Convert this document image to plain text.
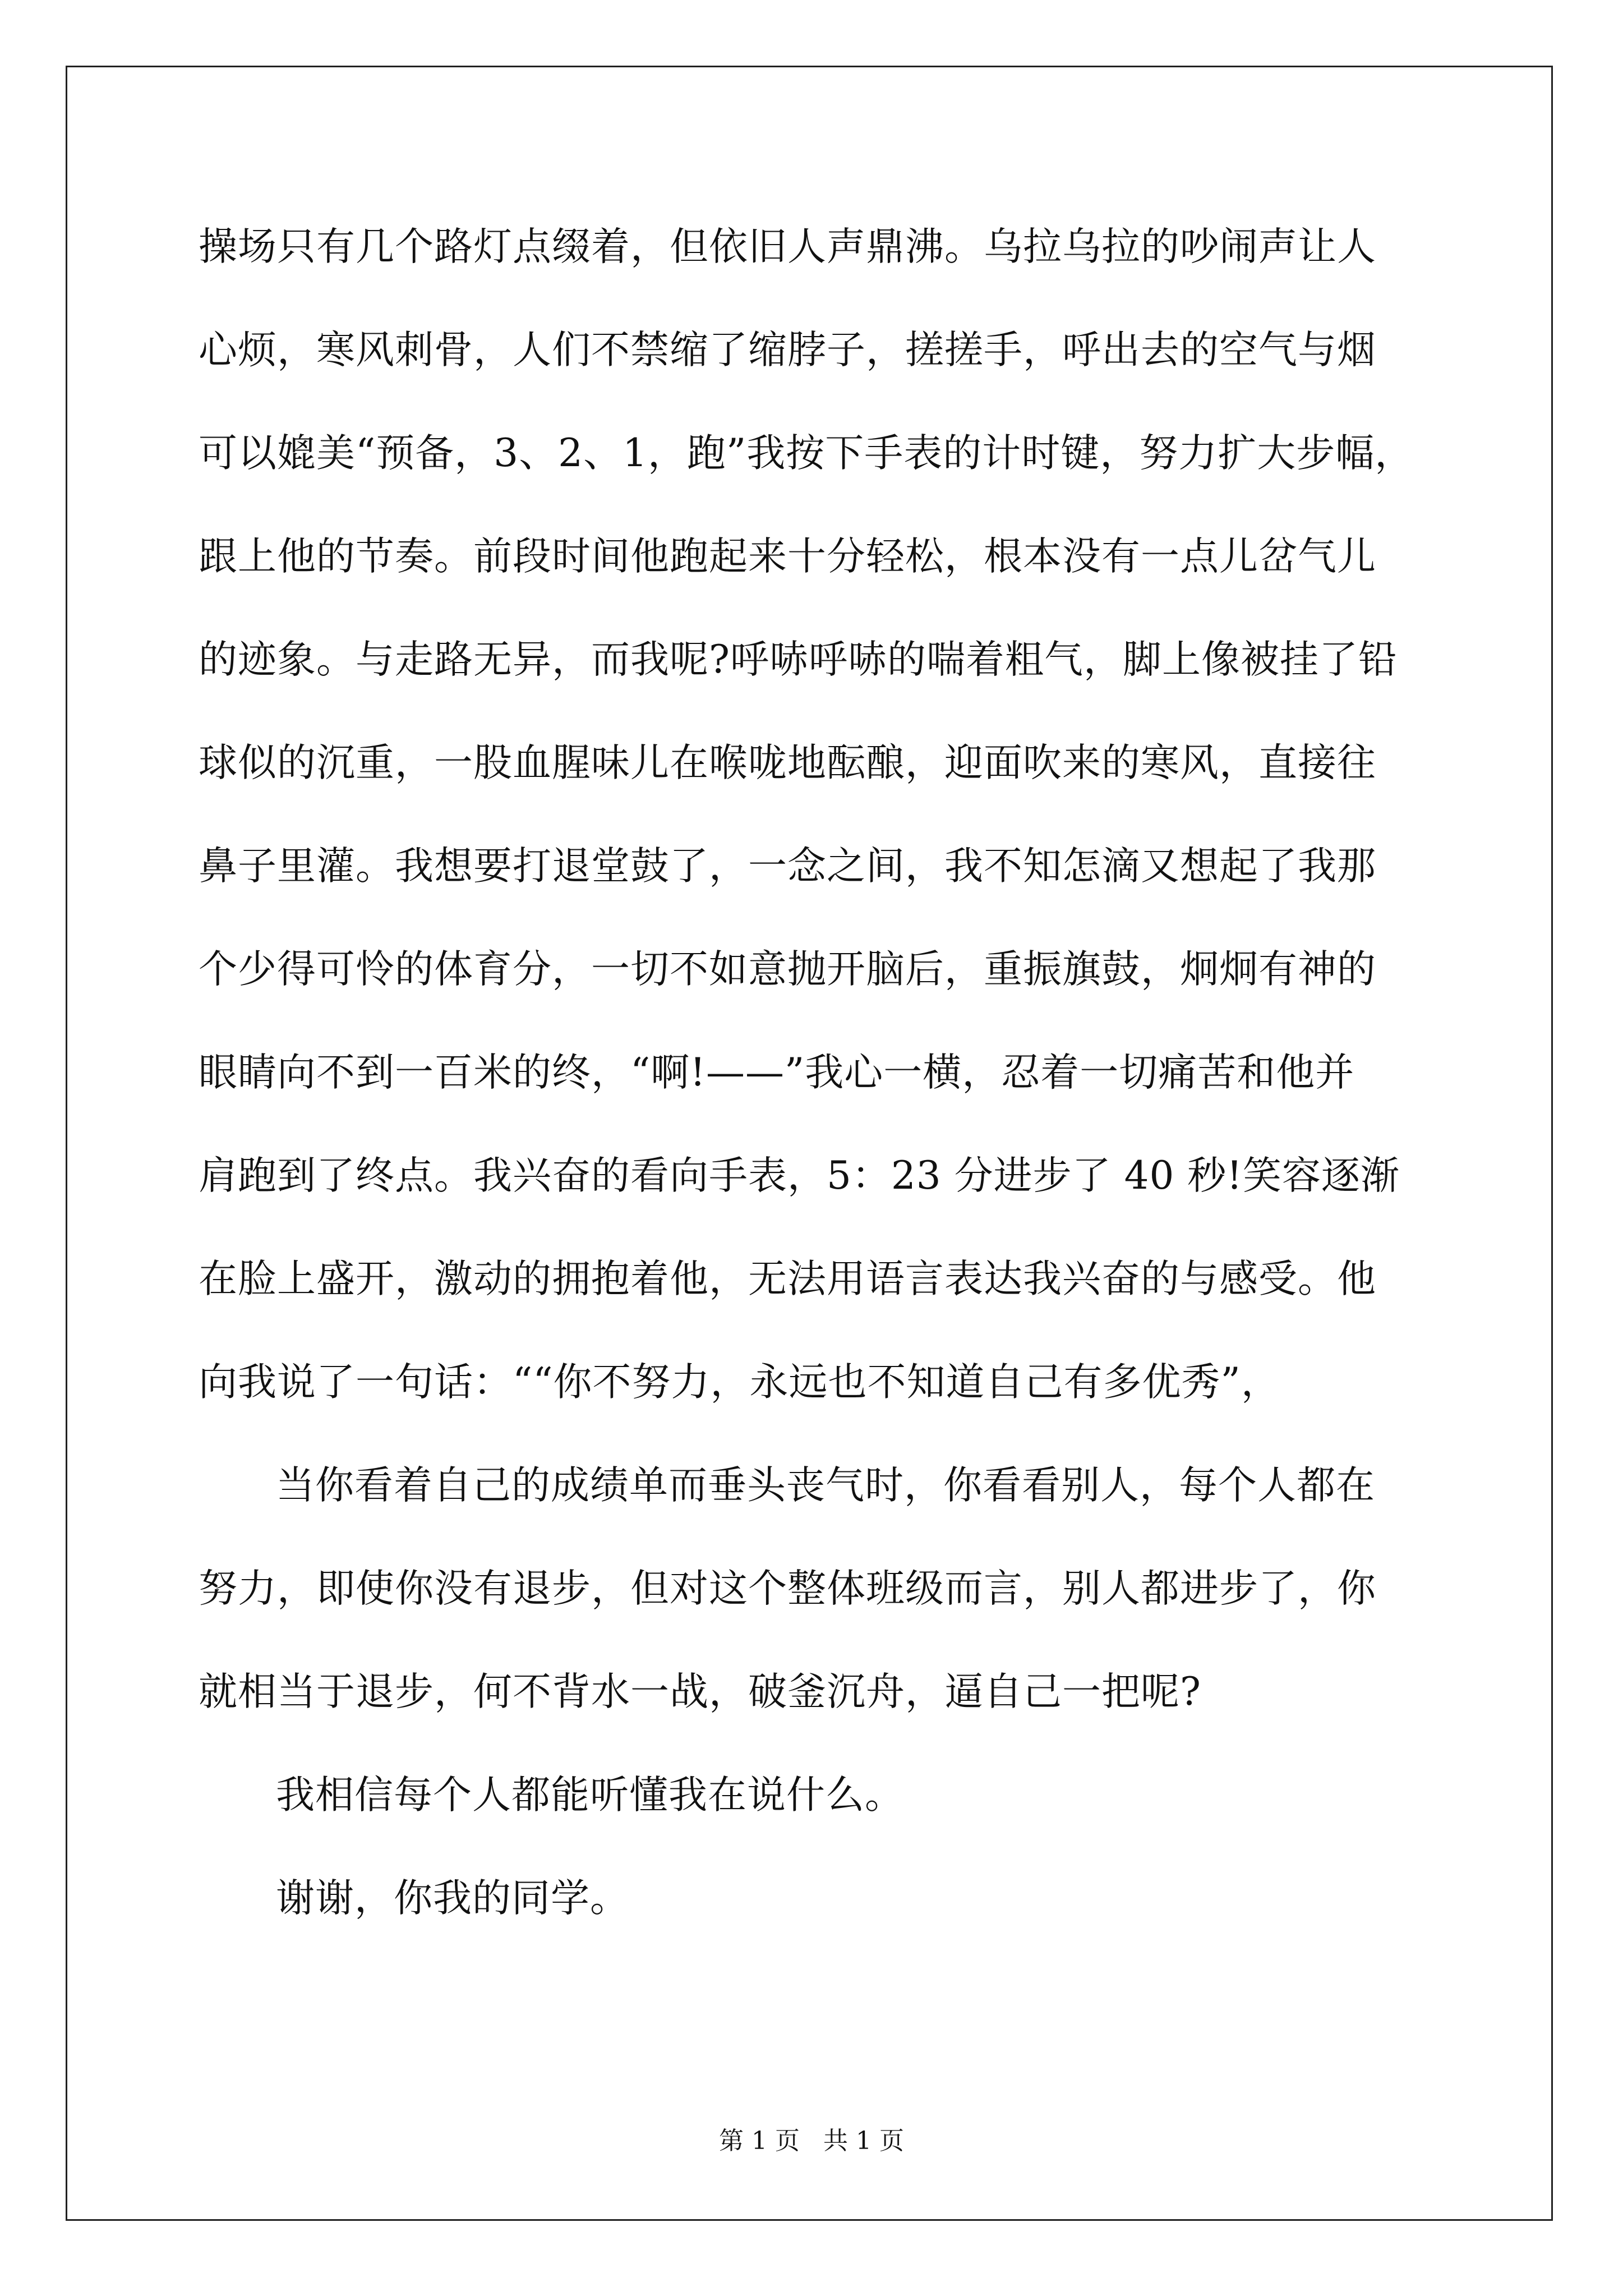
操场只有几个路灯点缀着，但依旧人声鼎沸。乌拉乌拉的吵闹声让人

心烦，寒风刺骨，人们不禁缩了缩脖子，搓搓手，呼出去的空气与烟

可以媲美“预备，3、2、1，跑”我按下手表的计时键，努力扩大步幅，

跟上他的节奏。前段时间他跑起来十分轻松，根本没有一点儿岔气儿

的迹象。与走路无异，而我呢?呼哧呼哧的喘着粗气，脚上像被挂了铅

球似的沉重，一股血腥味儿在喉咙地酝酿，迎面吹来的寒风，直接往

鼻子里灌。我想要打退堂鼓了，一念之间，我不知怎滴又想起了我那

个少得可怜的体育分，一切不如意抛开脑后，重振旗鼓，炯炯有神的

眼睛向不到一百米的终，“啊!——”我心一横，忍着一切痛苦和他并

肩跑到了终点。我兴奋的看向手表，5：23 分进步了 40 秒!笑容逐渐

在脸上盛开，激动的拥抱着他，无法用语言表达我兴奋的与感受。他

向我说了一句话：““你不努力，永远也不知道自己有多优秀”，

当你看着自己的成绩单而垂头丧气时，你看看别人，每个人都在

努力，即使你没有退步，但对这个整体班级而言，别人都进步了，你

就相当于退步，何不背水一战，破釜沉舟，逼自己一把呢?

我相信每个人都能听懂我在说什么。

谢谢，你我的同学。

第 1 页   共 1 页
